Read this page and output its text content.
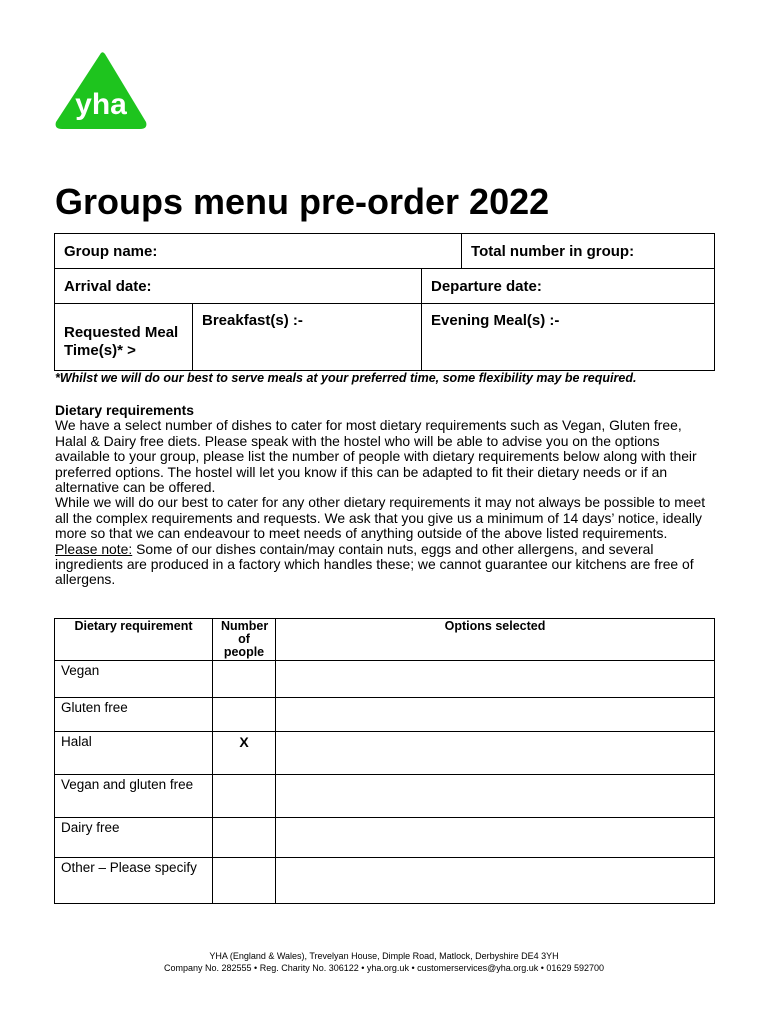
yha
Groups menu pre-order 2022
Group name:			Total number in group:
Arrival date:		Departure date:	
Requested Meal Time(s)* >	Breakfast(s) :-	Evening Meal(s) :-	
*Whilst we will do our best to serve meals at your preferred time, some flexibility may be required.

Dietary requirements

We have a select number of dishes to cater for most dietary requirements such as Vegan, Gluten free, Halal & Dairy free diets. Please speak with the hostel who will be able to advise you on the options available to your group, please list the number of people with dietary requirements below along with their preferred options. The hostel will let you know if this can be adapted to fit their dietary needs or if an alternative can be offered.

While we will do our best to cater for any other dietary requirements it may not always be possible to meet all the complex requirements and requests. We ask that you give us a minimum of 14 days’ notice, ideally more so that we can endeavour to meet needs of anything outside of the above listed requirements.

Please note: Some of our dishes contain/may contain nuts, eggs and other allergens, and several ingredients are produced in a factory which handles these; we cannot guarantee our kitchens are free of allergens.

Dietary requirement	Number of people	Options selected
Vegan		
Gluten free		
Halal	X	
Vegan and gluten free		
Dairy free		
Other – Please specify		
YHA (England & Wales), Trevelyan House, Dimple Road, Matlock, Derbyshire DE4 3YH
Company No. 282555 • Reg. Charity No. 306122 • yha.org.uk • customerservices@yha.org.uk • 01629 592700
